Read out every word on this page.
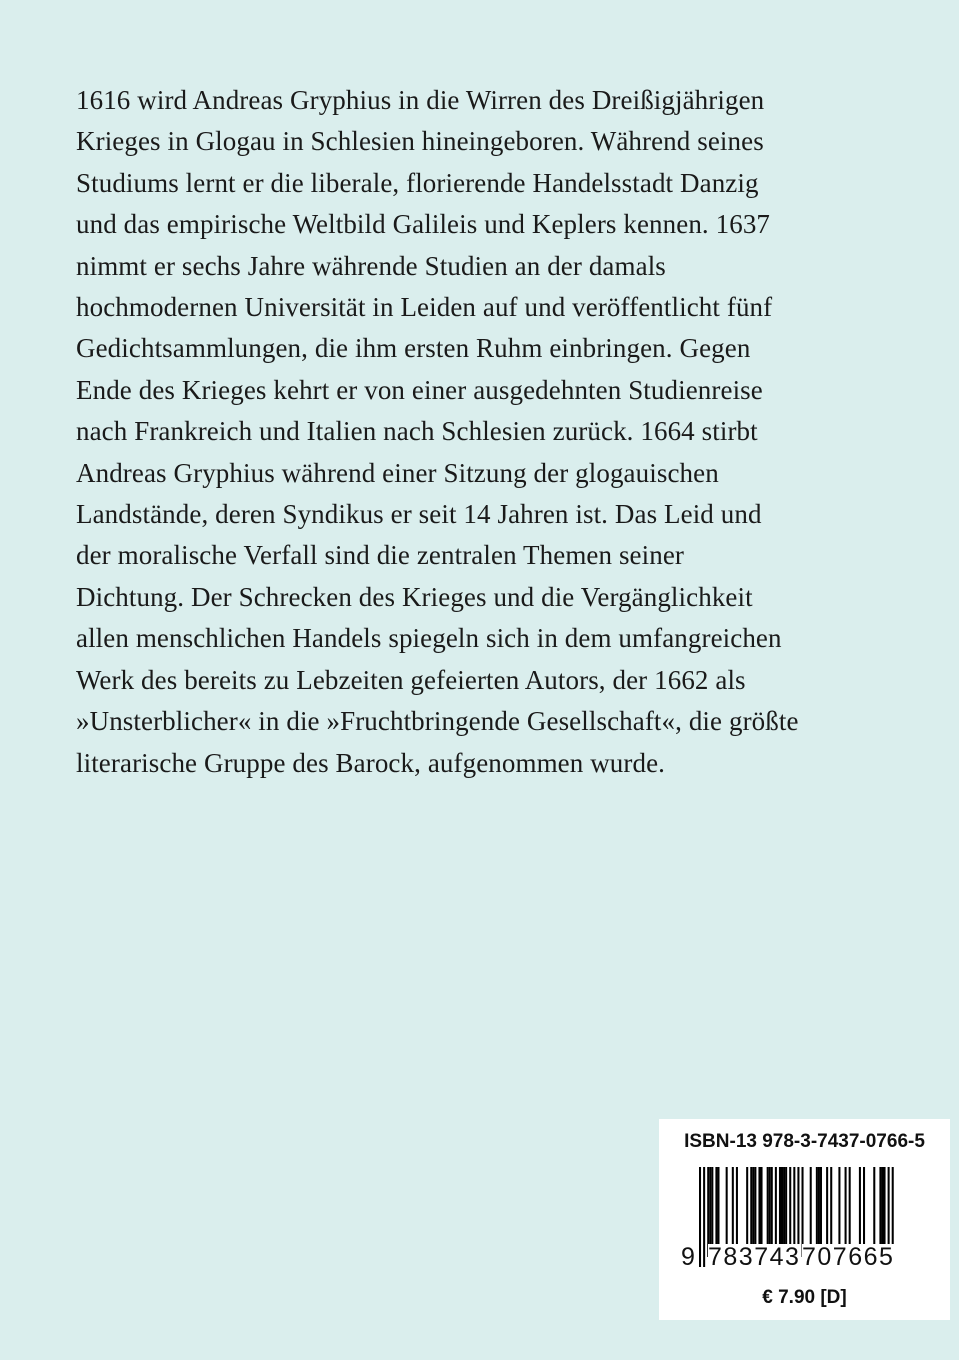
1616 wird Andreas Gryphius in die Wirren des Dreißigjährigen
Krieges in Glogau in Schlesien hineingeboren. Während seines
Studiums lernt er die liberale, florierende Handelsstadt Danzig
und das empirische Weltbild Galileis und Keplers kennen. 1637
nimmt er sechs Jahre währende Studien an der damals
hochmodernen Universität in Leiden auf und veröffentlicht fünf
Gedichtsammlungen, die ihm ersten Ruhm einbringen. Gegen
Ende des Krieges kehrt er von einer ausgedehnten Studienreise
nach Frankreich und Italien nach Schlesien zurück. 1664 stirbt
Andreas Gryphius während einer Sitzung der glogauischen
Landstände, deren Syndikus er seit 14 Jahren ist. Das Leid und
der moralische Verfall sind die zentralen Themen seiner
Dichtung. Der Schrecken des Krieges und die Vergänglichkeit
allen menschlichen Handels spiegeln sich in dem umfangreichen
Werk des bereits zu Lebzeiten gefeierten Autors, der 1662 als
»Unsterblicher« in die »Fruchtbringende Gesellschaft«, die größte
literarische Gruppe des Barock, aufgenommen wurde.
ISBN-13 978-3-7437-0766-5
9 783743 707665
€ 7.90 [D]
